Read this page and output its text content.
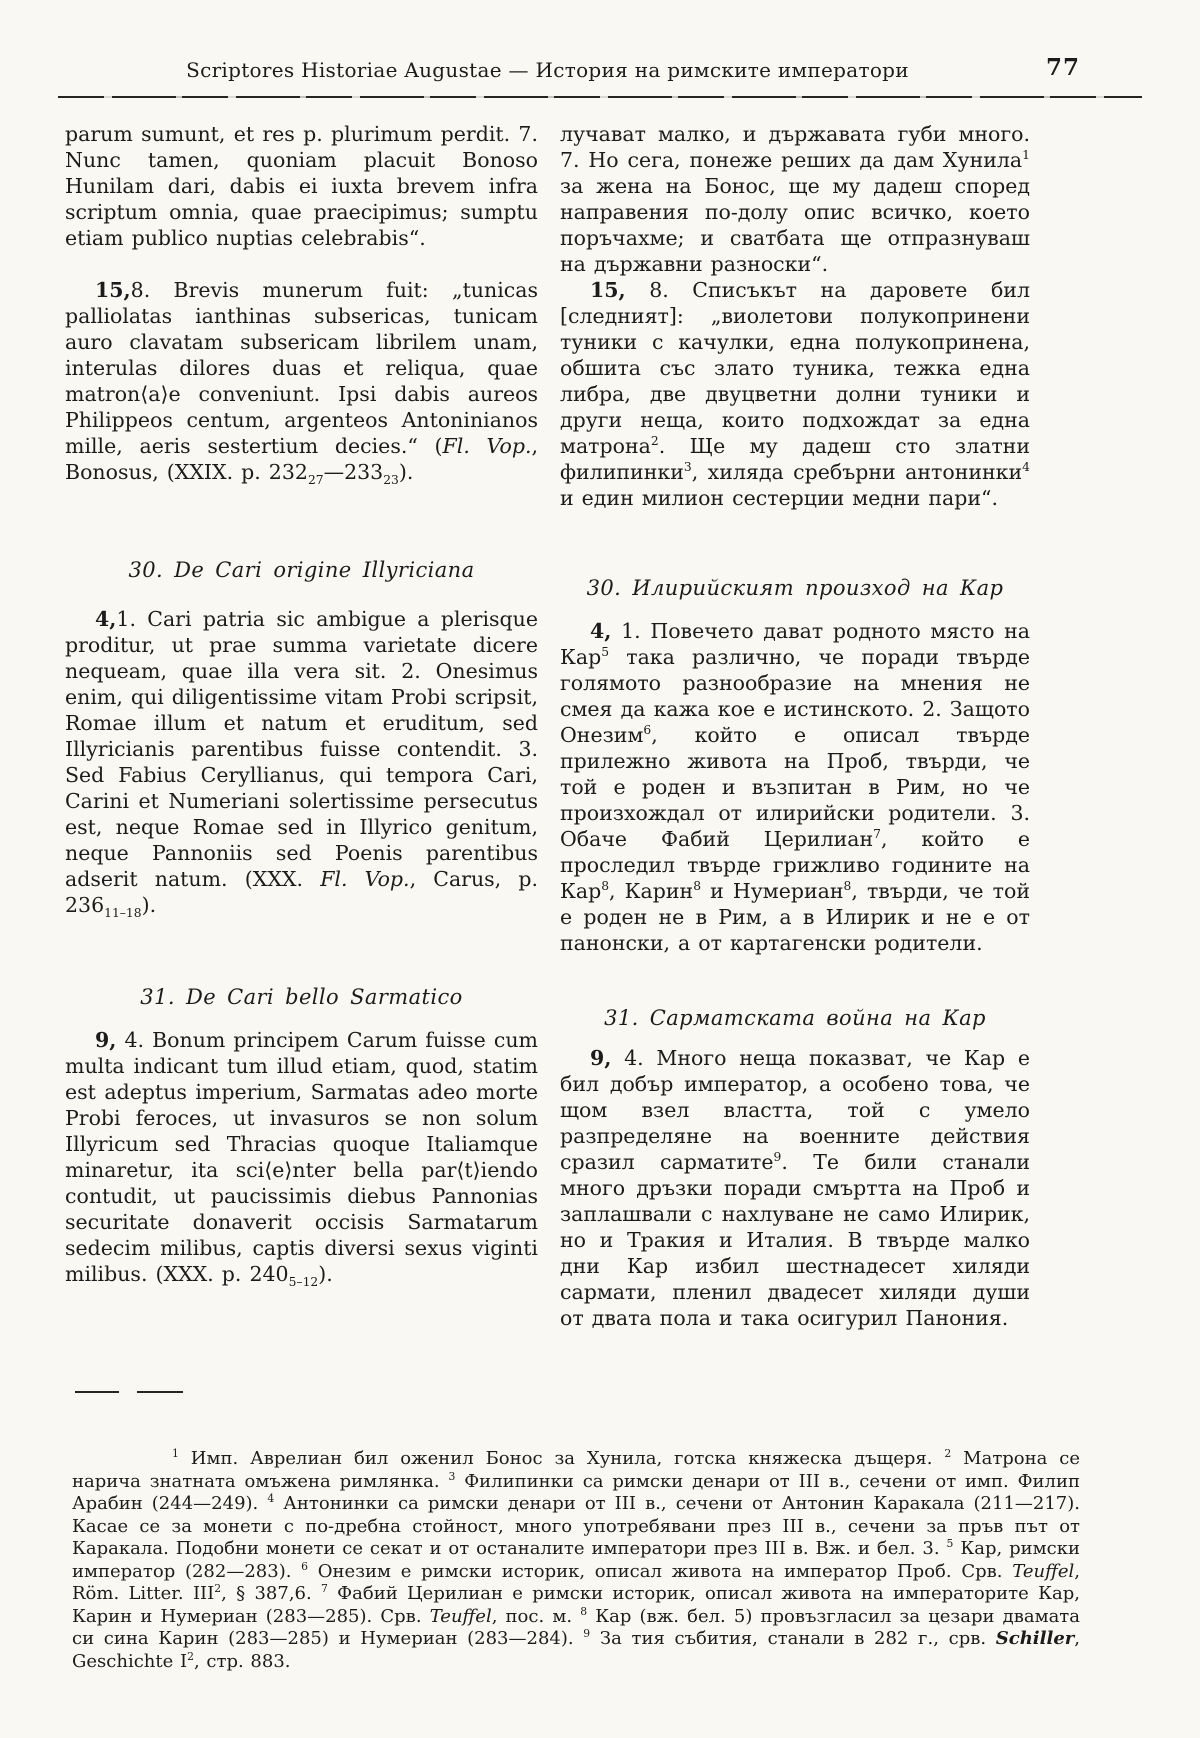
Scriptores Historiae Augustae — История на римските императори	77

parum sumunt, et res p. plurimum perdit. 7. Nunc tamen, quoniam placuit Bonoso Hunilam dari, dabis ei iuxta brevem infra scriptum omnia, quae praecipimus; sumptu etiam publico nuptias celebrabis“.

15,8. Brevis munerum fuit: „tunicas palliolatas ianthinas subsericas, tunicam auro clavatam subsericam librilem unam, interulas dilores duas et reliqua, quae matron⟨a⟩e conveniunt. Ipsi dabis aureos Philippeos centum, argenteos Antoninianos mille, aeris sestertium decies.“ (Fl. Vop., Bonosus, (XXIX. p. $232_{27}—233_{23}$).

30. De Cari origine Illyriciana

4,1. Cari patria sic ambigue a plerisque proditur, ut prae summa varietate dicere nequeam, quae illa vera sit. 2. Onesimus enim, qui diligentissime vitam Probi scripsit, Romae illum et natum et eruditum, sed Illyricianis parentibus fuisse contendit. 3. Sed Fabius Ceryllianus, qui tempora Cari, Carini et Numeriani solertissime persecutus est, neque Romae sed in Illyrico genitum, neque Pannoniis sed Poenis parentibus adserit natum. (XXX. Fl. Vop., Carus, p. $236_{11-18}$).

31. De Cari bello Sarmatico

9, 4. Bonum principem Carum fuisse cum multa indicant tum illud etiam, quod, statim est adeptus imperium, Sarmatas adeo morte Probi feroces, ut invasuros se non solum Illyricum sed Thracias quoque Italiamque minaretur, ita sci⟨e⟩nter bella par⟨t⟩iendo contudit, ut paucissimis diebus Pannonias securitate donaverit occisis Sarmatarum sedecim milibus, captis diversi sexus viginti milibus. (XXX. p. $240_{5-12}$).

лучават малко, и държавата губи много. 7. Но сега, понеже реших да дам Хунила$^1$ за жена на Бонос, ще му дадеш според направения по-долу опис всичко, което поръчахме; и сватбата ще отпразнуваш на държавни разноски“.

15, 8. Списъкът на даровете бил [следният]: „виолетови полукопринени туники с качулки, една полукопринена, обшита със злато туника, тежка една либра, две двуцветни долни туники и други неща, които подхождат за една матрона$^2$. Ще му дадеш сто златни филипинки$^3$, хиляда сребърни антонинки$^4$ и един милион сестерции медни пари“.

30. Илирийският произход на Кар

4, 1. Повечето дават родното място на Кар$^5$ така различно, че поради твърде голямото разнообразие на мнения не смея да кажа кое е истинското. 2. Защото Онезим$^6$, който е описал твърде прилежно живота на Проб, твърди, че той е роден и възпитан в Рим, но че произхождал от илирийски родители. 3. Обаче Фабий Церилиан$^7$, който е проследил твърде грижливо годините на Кар$^8$, Карин$^8$ и Нумериан$^8$, твърди, че той е роден не в Рим, а в Илирик и не е от панонски, а от картагенски родители.

31. Сарматската война на Кар

9, 4. Много неща показват, че Кар е бил добър император, а особено това, че щом взел властта, той с умело разпределяне на военните действия сразил сарматите$^9$. Те били станали много дръзки поради смъртта на Проб и заплашвали с нахлуване не само Илирик, но и Тракия и Италия. В твърде малко дни Кар избил шестнадесет хиляди сармати, пленил двадесет хиляди души от двата пола и така осигурил Панония.

$^1$ Имп. Аврелиан бил оженил Бонос за Хунила, готска княжеска дъщеря. $^2$ Матрона се нарича знатната омъжена римлянка. $^3$ Филипинки са римски денари от III в., сечени от имп. Филип Арабин (244—249). $^4$ Антонинки са римски денари от III в., сечени от Антонин Каракала (211—217). Касае се за монети с по-дребна стойност, много употребявани през III в., сечени за пръв път от Каракала. Подобни монети се секат и от останалите императори през III в. Вж. и бел. 3. $^5$ Кар, римски император (282—283). $^6$ Онезим е римски историк, описал живота на император Проб. Срв. Teuffel, Röm. Litter. III$^2$, § 387,6. $^7$ Фабий Церилиан е римски историк, описал живота на императорите Кар, Карин и Нумериан (283—285). Срв. Teuffel, пос. м. $^8$ Кар (вж. бел. 5) провъзгласил за цезари двамата си сина Карин (283—285) и Нумериан (283—284). $^9$ За тия събития, станали в 282 г., срв. Schiller, Geschichte $I^2$, стр. 883.
